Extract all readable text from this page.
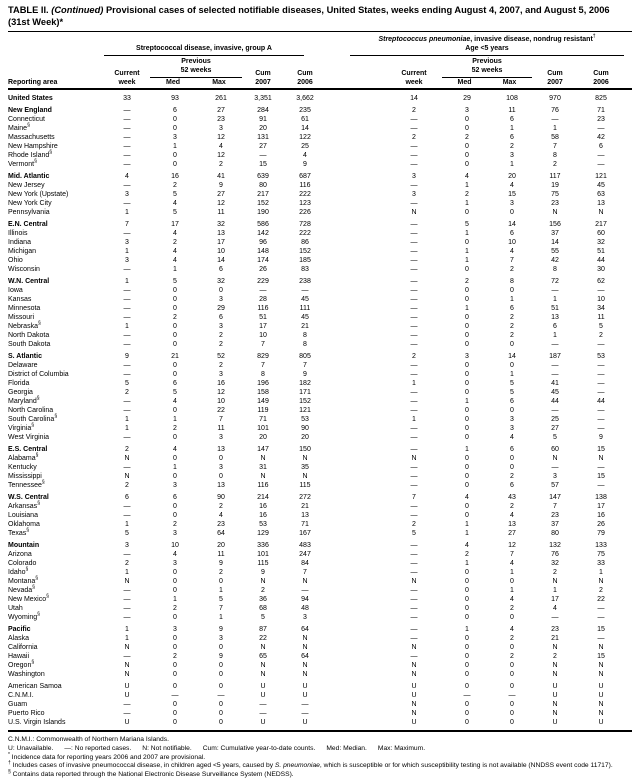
TABLE II. (Continued) Provisional cases of selected notifiable diseases, United States, weeks ending August 4, 2007, and August 5, 2006 (31st Week)*
Streptococcal disease, invasive, group A
Streptococcus pneumoniae, invasive disease, nondrug resistant†
Age <5 years
Reporting area
Current
week
Previous
52 weeks
Med	Max
Cum
2007
Cum
2006
Current
week
Previous
52 weeks
Med	Max
Cum
2007
Cum
2006
United States	33	93	261	3,351	3,662	14	29	108	970	825
New England	—	6	27	284	235	2	3	11	76	71
Connecticut	—	0	23	91	61	—	0	6	—	23
Maine§	—	0	3	20	14	—	0	1	1	—
Massachusetts	—	3	12	131	122	2	2	6	58	42
New Hampshire	—	1	4	27	25	—	0	2	7	6
Rhode Island§	—	0	12	—	4	—	0	3	8	—
Vermont§	—	0	2	15	9	—	0	1	2	—
Mid. Atlantic	4	16	41	639	687	3	4	20	117	121
New Jersey	—	2	9	80	116	—	1	4	19	45
New York (Upstate)	3	5	27	217	222	3	2	15	75	63
New York City	—	4	12	152	123	—	1	3	23	13
Pennsylvania	1	5	11	190	226	N	0	0	N	N
E.N. Central	7	17	32	586	728	—	5	14	156	217
Illinois	—	4	13	142	222	—	1	6	37	60
Indiana	3	2	17	96	86	—	0	10	14	32
Michigan	1	4	10	148	152	—	1	4	55	51
Ohio	3	4	14	174	185	—	1	7	42	44
Wisconsin	—	1	6	26	83	—	0	2	8	30
W.N. Central	1	5	32	229	238	—	2	8	72	62
Iowa	—	0	0	—	—	—	0	0	—	—
Kansas	—	0	3	28	45	—	0	1	1	10
Minnesota	—	0	29	116	111	—	1	6	51	34
Missouri	—	2	6	51	45	—	0	2	13	11
Nebraska§	1	0	3	17	21	—	0	2	6	5
North Dakota	—	0	2	10	8	—	0	2	1	2
South Dakota	—	0	2	7	8	—	0	0	—	—
S. Atlantic	9	21	52	829	805	2	3	14	187	53
Delaware	—	0	2	7	7	—	0	0	—	—
District of Columbia	—	0	3	8	9	—	0	1	—	—
Florida	5	6	16	196	182	1	0	5	41	—
Georgia	2	5	12	158	171	—	0	5	45	—
Maryland§	—	4	10	149	152	—	1	6	44	44
North Carolina	—	0	22	119	121	—	0	0	—	—
South Carolina§	1	1	7	71	53	1	0	3	25	—
Virginia§	1	2	11	101	90	—	0	3	27	—
West Virginia	—	0	3	20	20	—	0	4	5	9
E.S. Central	2	4	13	147	150	—	1	6	60	15
Alabama§	N	0	0	N	N	N	0	0	N	N
Kentucky	—	1	3	31	35	—	0	0	—	—
Mississippi	N	0	0	N	N	—	0	2	3	15
Tennessee§	2	3	13	116	115	—	0	6	57	—
W.S. Central	6	6	90	214	272	7	4	43	147	138
Arkansas§	—	0	2	16	21	—	0	2	7	17
Louisiana	—	0	4	16	13	—	0	4	23	16
Oklahoma	1	2	23	53	71	2	1	13	37	26
Texas§	5	3	64	129	167	5	1	27	80	79
Mountain	3	10	20	336	483	—	4	12	132	133
Arizona	—	4	11	101	247	—	2	7	76	75
Colorado	2	3	9	115	84	—	1	4	32	33
Idaho§	1	0	2	9	7	—	0	1	2	1
Montana§	N	0	0	N	N	N	0	0	N	N
Nevada§	—	0	1	2	—	—	0	1	1	2
New Mexico§	—	1	5	36	94	—	0	4	17	22
Utah	—	2	7	68	48	—	0	2	4	—
Wyoming§	—	0	1	5	3	—	0	0	—	—
Pacific	1	3	9	87	64	—	1	4	23	15
Alaska	1	0	3	22	N	—	0	2	21	—
California	N	0	0	N	N	N	0	0	N	N
Hawaii	—	2	9	65	64	—	0	2	2	15
Oregon§	N	0	0	N	N	N	0	0	N	N
Washington	N	0	0	N	N	N	0	0	N	N
American Samoa	U	0	0	U	U	U	0	0	U	U
C.N.M.I.	U	—	—	U	U	U	—	—	U	U
Guam	—	0	0	—	—	N	0	0	N	N
Puerto Rico	—	0	0	—	—	N	0	0	N	N
U.S. Virgin Islands	U	0	0	U	U	U	0	0	U	U
C.N.M.I.: Commonwealth of Northern Mariana Islands.
U: Unavailable. —: No reported cases. N: Not notifiable. Cum: Cumulative year-to-date counts. Med: Median. Max: Maximum.
* Incidence data for reporting years 2006 and 2007 are provisional.
† Includes cases of invasive pneumococcal disease, in children aged <5 years, caused by S. pneumoniae, which is susceptible or for which susceptibility testing is not available (NNDSS event code 11717).
§ Contains data reported through the National Electronic Disease Surveillance System (NEDSS).
